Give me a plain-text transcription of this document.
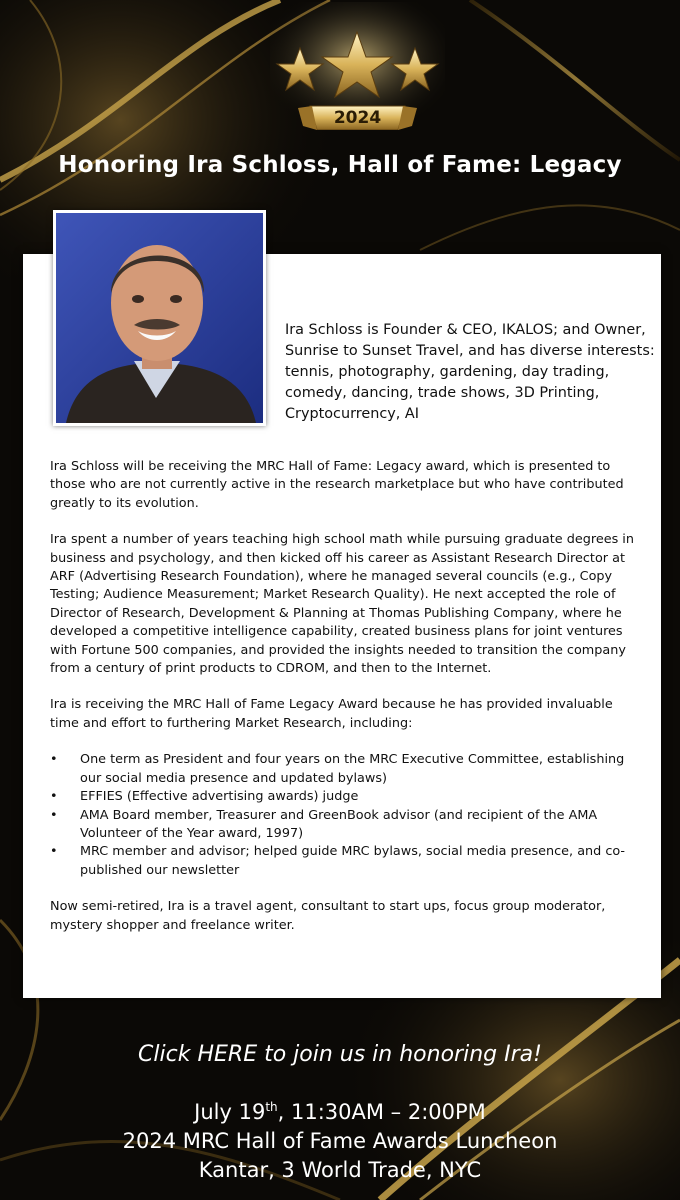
2024
Honoring Ira Schloss, Hall of Fame: Legacy
Ira Schloss is Founder & CEO, IKALOS; and Owner, Sunrise to Sunset Travel, and has diverse interests: tennis, photography, gardening, day trading, comedy, dancing, trade shows, 3D Printing, Cryptocurrency, AI

Ira Schloss will be receiving the MRC Hall of Fame: Legacy award, which is presented to those who are not currently active in the research marketplace but who have contributed greatly to its evolution.

Ira spent a number of years teaching high school math while pursuing graduate degrees in business and psychology, and then kicked off his career as Assistant Research Director at ARF (Advertising Research Foundation), where he managed several councils (e.g., Copy Testing; Audience Measurement; Market Research Quality). He next accepted the role of Director of Research, Development & Planning at Thomas Publishing Company, where he developed a competitive intelligence capability, created business plans for joint ventures with Fortune 500 companies, and provided the insights needed to transition the company from a century of print products to CDROM, and then to the Internet.

Ira is receiving the MRC Hall of Fame Legacy Award because he has provided invaluable time and effort to furthering Market Research, including:

• One term as President and four years on the MRC Executive Committee, establishing our social media presence and updated bylaws)
• EFFIES (Effective advertising awards) judge
• AMA Board member, Treasurer and GreenBook advisor (and recipient of the AMA Volunteer of the Year award, 1997)
• MRC member and advisor; helped guide MRC bylaws, social media presence, and co-published our newsletter

Now semi-retired, Ira is a travel agent, consultant to start ups, focus group moderator, mystery shopper and freelance writer.

Click HERE to join us in honoring Ira!
July 19th, 11:30AM – 2:00PM
2024 MRC Hall of Fame Awards Luncheon
Kantar, 3 World Trade, NYC
